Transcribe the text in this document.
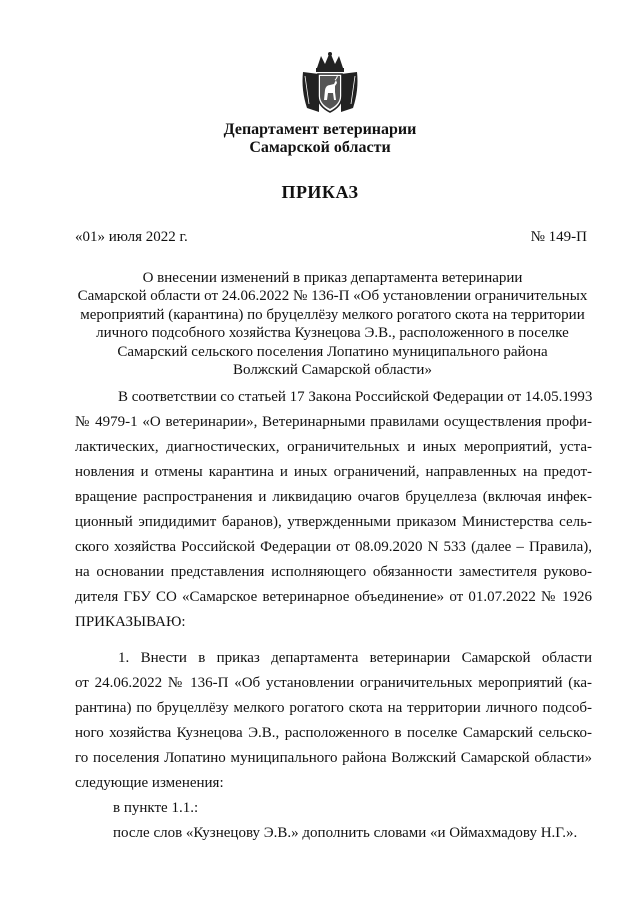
Департамент ветеринарии
Самарской области
ПРИКАЗ
«01» июля 2022 г.	№ 149-П
О внесении изменений в приказ департамента ветеринарии
Самарской области от 24.06.2022 № 136-П «Об установлении ограничительных
мероприятий (карантина) по бруцеллёзу мелкого рогатого скота на территории
личного подсобного хозяйства Кузнецова Э.В., расположенного в поселке
Самарский сельского поселения Лопатино муниципального района
Волжский Самарской области»
В соответствии со статьей 17 Закона Российской Федерации от 14.05.1993
№ 4979-1 «О ветеринарии», Ветеринарными правилами осуществления профи-
лактических, диагностических, ограничительных и иных мероприятий, уста-
новления и отмены карантина и иных ограничений, направленных на предот-
вращение распространения и ликвидацию очагов бруцеллеза (включая инфек-
ционный эпидидимит баранов), утвержденными приказом Министерства сель-
ского хозяйства Российской Федерации от 08.09.2020 N 533 (далее – Правила),
на основании представления исполняющего обязанности заместителя руково-
дителя ГБУ СО «Самарское ветеринарное объединение» от 01.07.2022 № 1926
ПРИКАЗЫВАЮ:
1. Внести в приказ департамента ветеринарии Самарской области
от 24.06.2022 № 136-П «Об установлении ограничительных мероприятий (ка-
рантина) по бруцеллёзу мелкого рогатого скота на территории личного подсоб-
ного хозяйства Кузнецова Э.В., расположенного в поселке Самарский сельско-
го поселения Лопатино муниципального района Волжский Самарской области»
следующие изменения:
в пункте 1.1.:
после слов «Кузнецову Э.В.» дополнить словами «и Оймахмадову Н.Г.».
